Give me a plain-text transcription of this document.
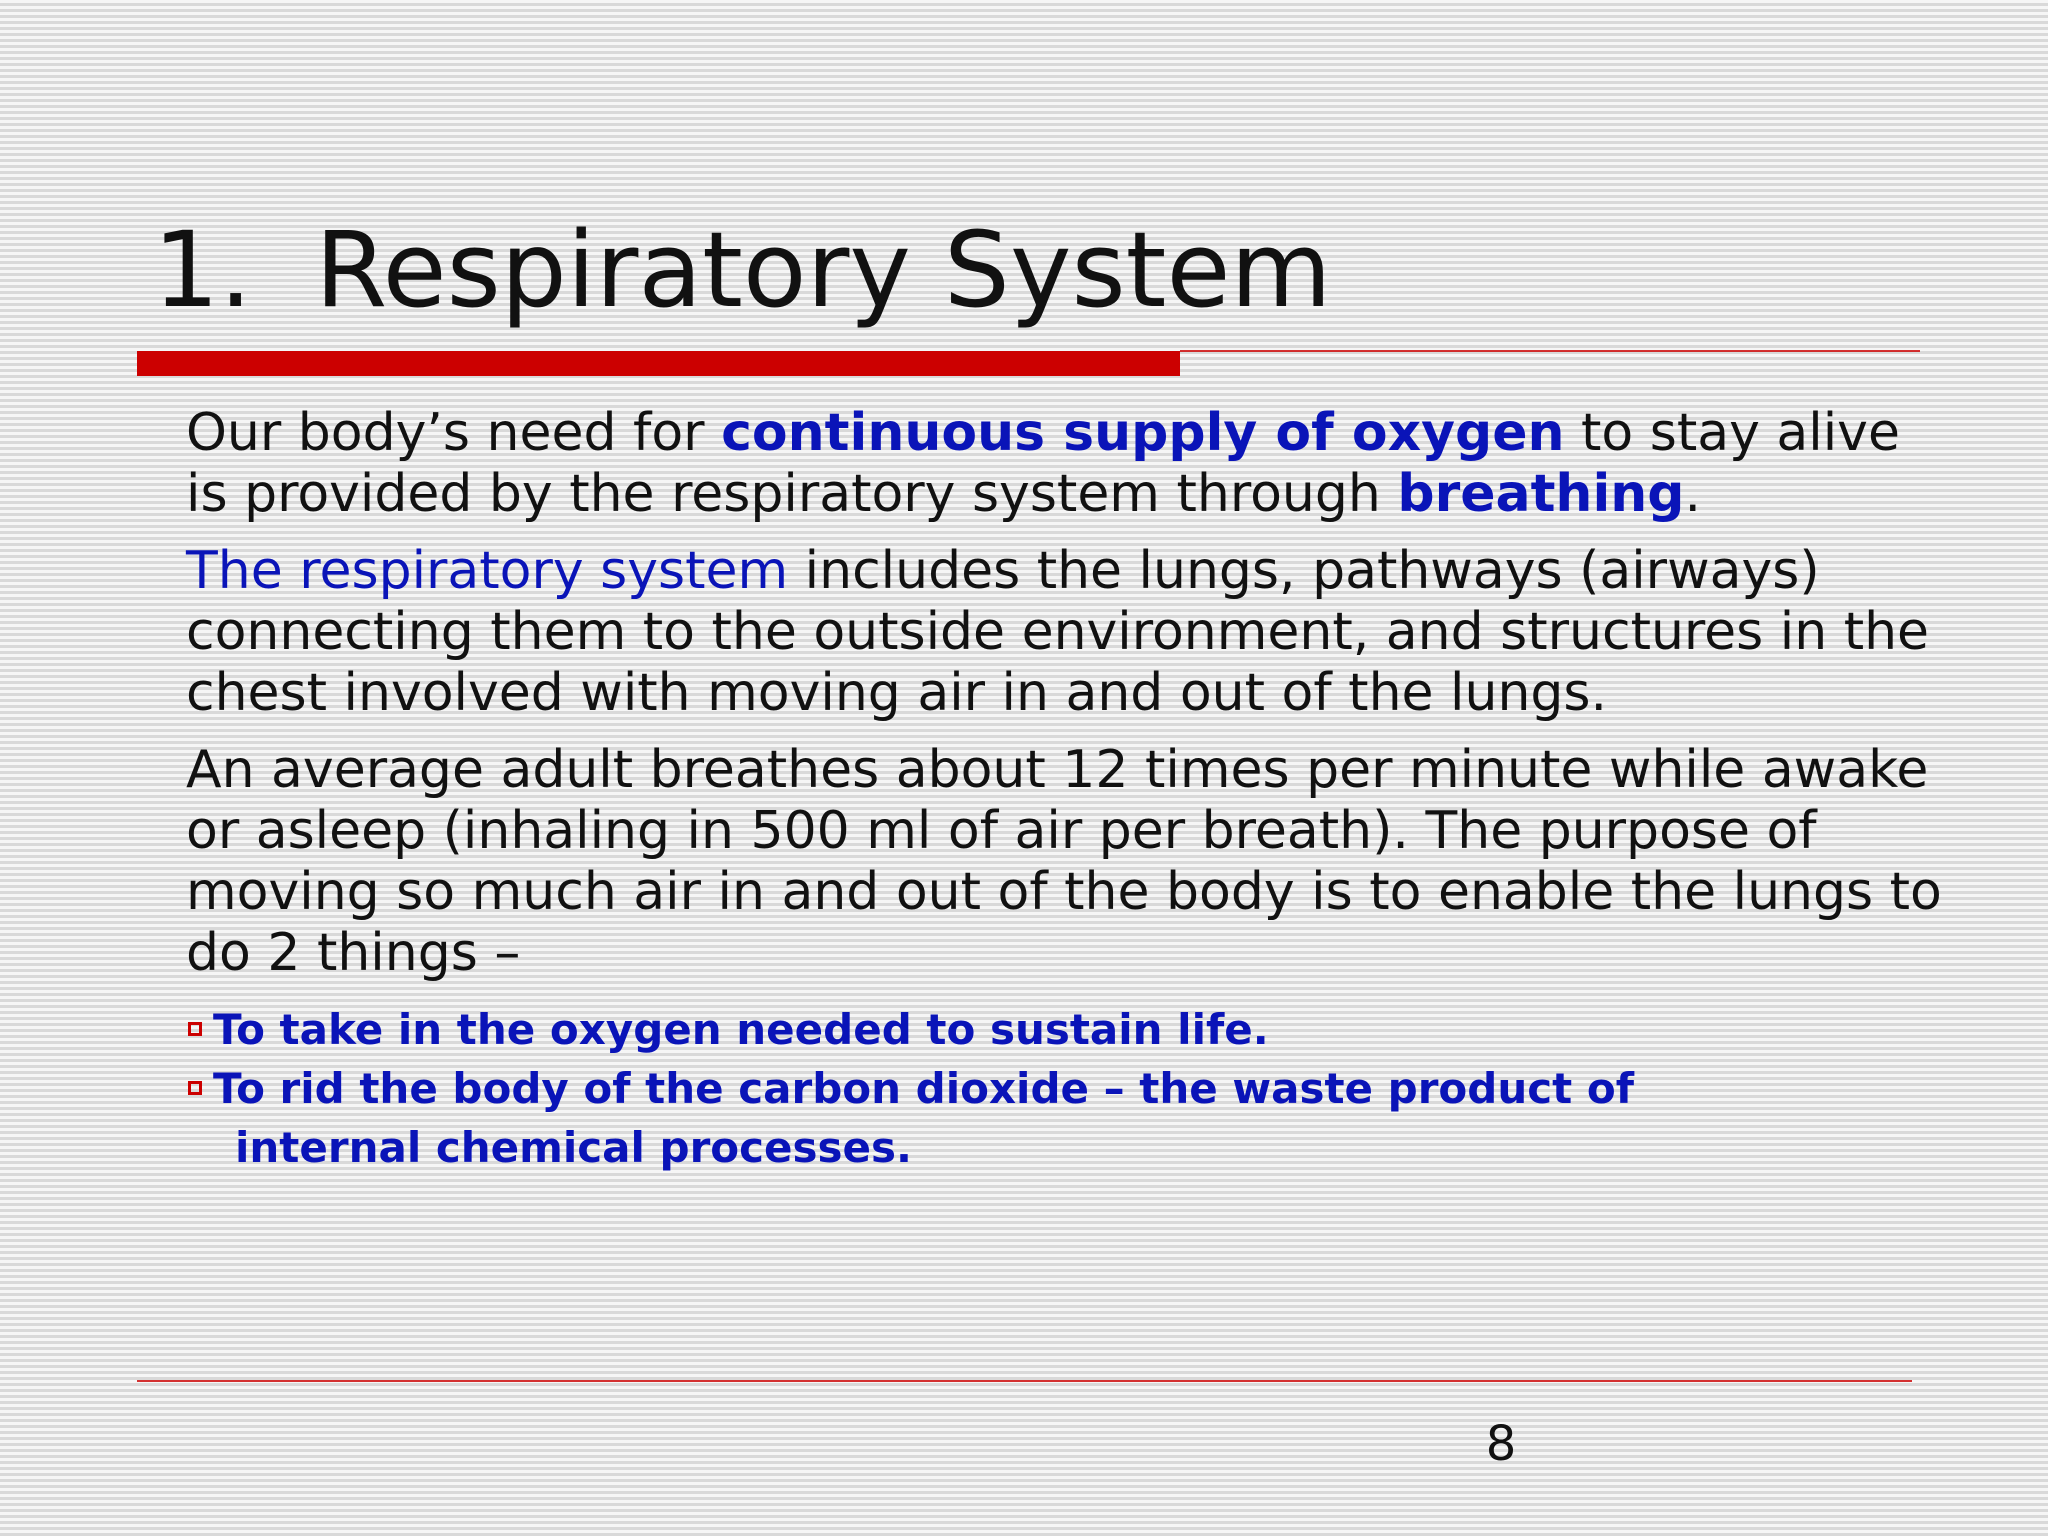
1. Respiratory System

Our body’s need for continuous supply of oxygen to stay alive is provided by the respiratory system through breathing.

The respiratory system includes the lungs, pathways (airways) connecting them to the outside environment, and structures in the chest involved with moving air in and out of the lungs.

An average adult breathes about 12 times per minute while awake or asleep (inhaling in 500 ml of air per breath). The purpose of moving so much air in and out of the body is to enable the lungs to do 2 things –

To take in the oxygen needed to sustain life.
To rid the body of the carbon dioxide – the waste product of
internal chemical processes.
8
